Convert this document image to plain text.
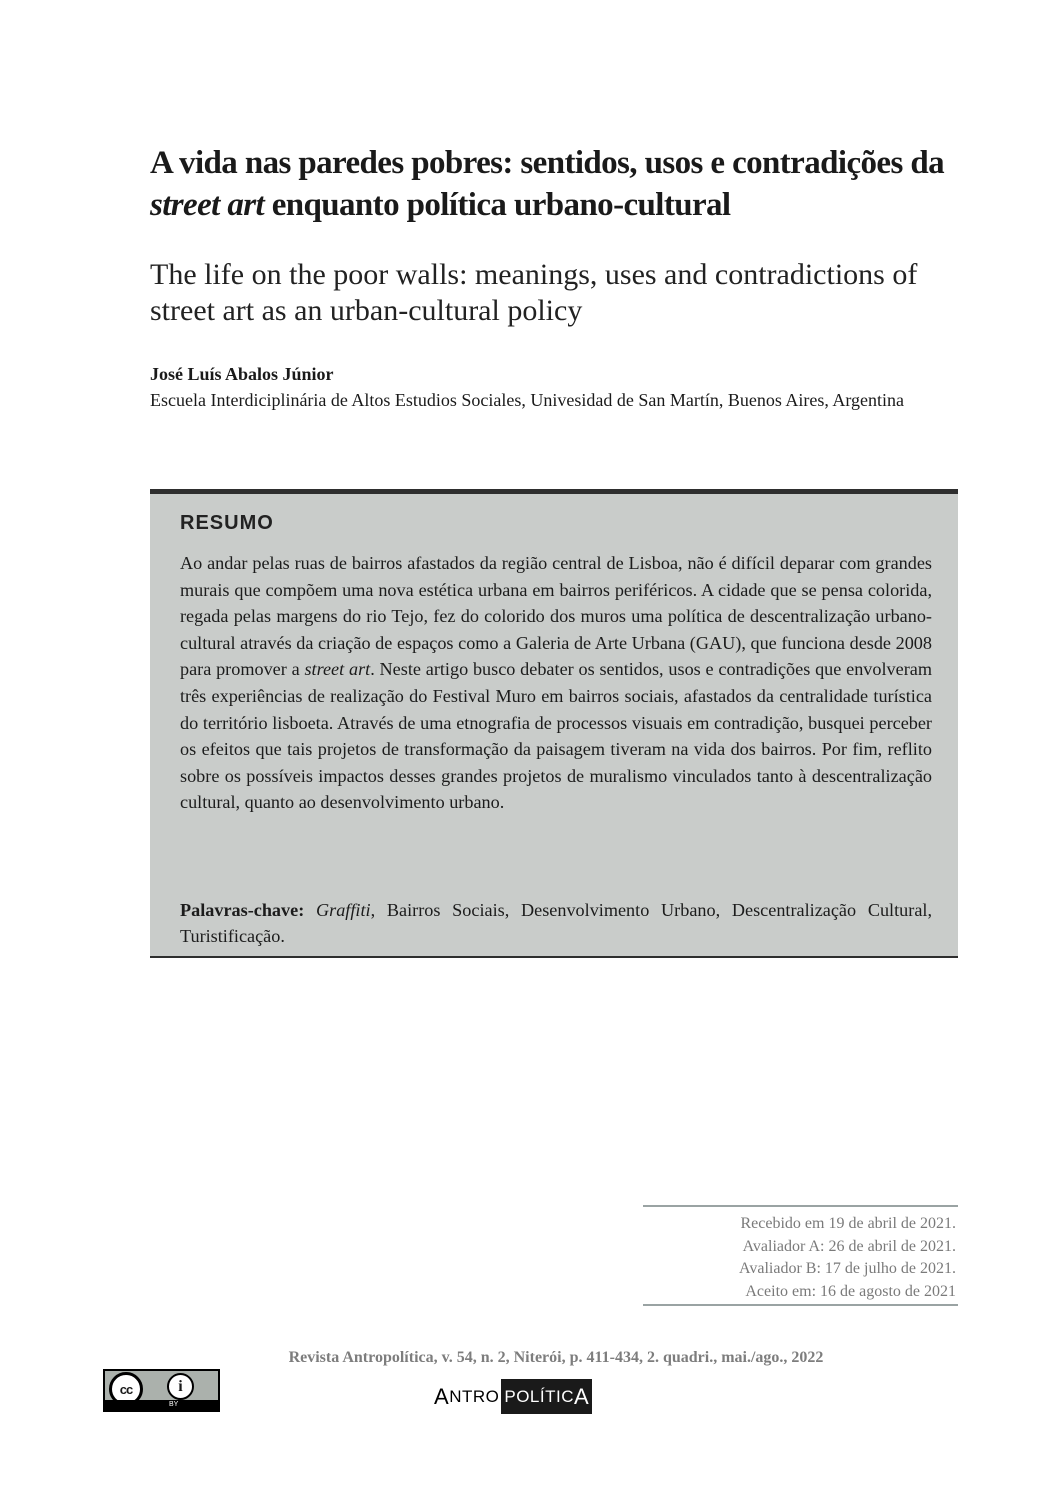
A vida nas paredes pobres: sentidos, usos e contradições da street art enquanto política urbano-cultural
The life on the poor walls: meanings, uses and contradictions of street art as an urban-cultural policy

José Luís Abalos Júnior

Escuela Interdiciplinária de Altos Estudios Sociales, Univesidad de San Martín, Buenos Aires, Argentina

RESUMO

Ao andar pelas ruas de bairros afastados da região central de Lisboa, não é difícil deparar com grandes murais que compõem uma nova estética urbana em bairros periféricos. A cidade que se pensa colorida, regada pelas margens do rio Tejo, fez do colorido dos muros uma política de descentralização urbano-cultural através da criação de espaços como a Galeria de Arte Urbana (GAU), que funciona desde 2008 para promover a street art. Neste artigo busco debater os sentidos, usos e contradições que envolveram três experiências de realização do Festival Muro em bairros sociais, afastados da centralidade turística do território lisboeta. Através de uma etnografia de processos visuais em contradição, busquei perceber os efeitos que tais projetos de transformação da paisagem tiveram na vida dos bairros. Por fim, reflito sobre os possíveis impactos desses grandes projetos de muralismo vinculados tanto à descentralização cultural, quanto ao desenvolvimento urbano.

Palavras-chave: Graffiti, Bairros Sociais, Desenvolvimento Urbano, Descentralização Cultural, Turistificação.

Recebido em 19 de abril de 2021.
Avaliador A: 26 de abril de 2021.
Avaliador B: 17 de julho de 2021.
Aceito em: 16 de agosto de 2021

Revista Antropolítica, v. 54, n. 2, Niterói, p. 411-434, 2. quadri., mai./ago., 2022

cc	i
BY	A NTRO POLÍTIC A
